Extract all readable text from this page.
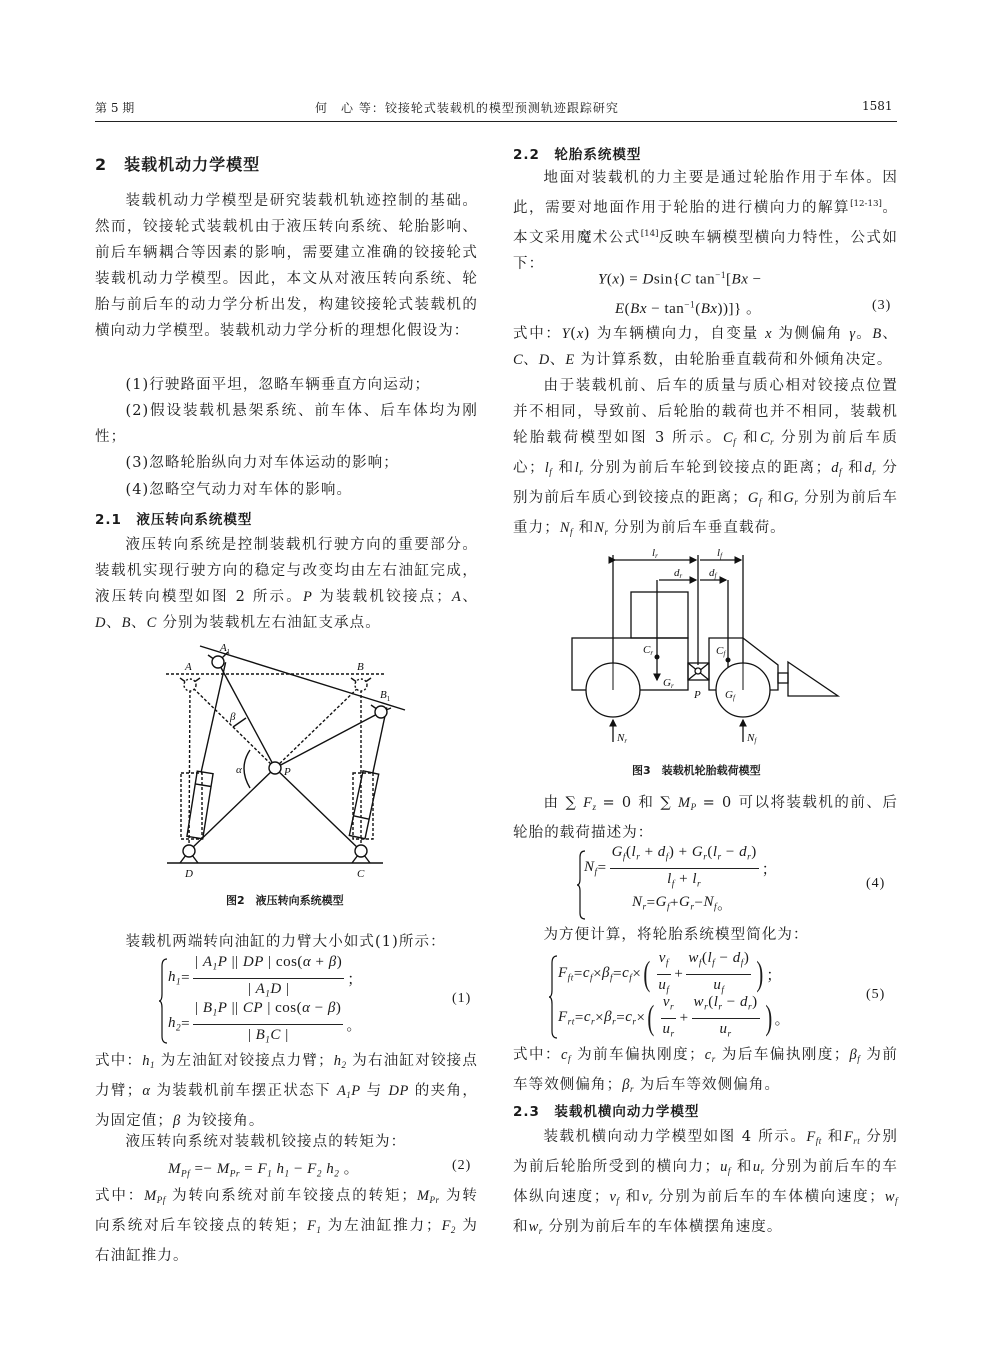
第 5 期	何　心 等：铰接轮式装载机的模型预测轨迹跟踪研究	1581
2　装载机动力学模型
装载机动力学模型是研究装载机轨迹控制的基础。然而，铰接轮式装载机由于液压转向系统、轮胎影响、前后车辆耦合等因素的影响，需要建立准确的铰接轮式装载机动力学模型。因此，本文从对液压转向系统、轮胎与前后车的动力学分析出发，构建铰接轮式装载机的横向动力学模型。装载机动力学分析的理想化假设为：
(1)行驶路面平坦，忽略车辆垂直方向运动；
(2)假设装载机悬架系统、前车体、后车体均为刚性；
(3)忽略轮胎纵向力对车体运动的影响；
(4)忽略空气动力对车体的影响。
2.1　液压转向系统模型
液压转向系统是控制装载机行驶方向的重要部分。装载机实现行驶方向的稳定与改变均由左右油缸完成，液压转向模型如图 2 所示。P 为装载机铰接点；A、D、B、C 分别为装载机左右油缸支承点。
$A_1$
A	B
$B_1$
β
α	P
D	C
图2　液压转向系统模型
装载机两端转向油缸的力臂大小如式(1)所示：
$h_1 = \frac{| A_1P || DP | \cos(\alpha + \beta)}{| A_1D |}$ ；
$h_2 = \frac{| B_1P || CP | \cos(\alpha - \beta)}{| B_1C |}$ 。
(1)
式中：$h_1$ 为左油缸对铰接点力臂；$h_2$ 为右油缸对铰接点力臂；α 为装载机前车摆正状态下 $A_1P$ 与 DP 的夹角，为固定值；β 为铰接角。
液压转向系统对装载机铰接点的转矩为：
$M_{Pf} =- M_{Pr} = F_1$ $h_1 - F_2$ $h_2$ 。	(2)
式中：$M_{Pf}$ 为转向系统对前车铰接点的转矩；$M_{Pr}$ 为转向系统对后车铰接点的转矩；$F_1$ 为左油缸推力；$F_2$ 为右油缸推力。
2.2　轮胎系统模型
地面对装载机的力主要是通过轮胎作用于车体。因此，需要对地面作用于轮胎的进行横向力的解算[12-13]。本文采用魔术公式[14]反映车辆模型横向力特性，公式如下：
Y(x) = Dsin{C $\tan^{-1}[Bx$ −
$E(Bx - \tan^{-1}(Bx))$]} 。	(3)
式中：Y(x) 为车辆横向力，自变量 x 为侧偏角 γ。B、C、D、E 为计算系数，由轮胎垂直载荷和外倾角决定。
由于装载机前、后车的质量与质心相对铰接点位置并不相同，导致前、后轮胎的载荷也并不相同，装载机轮胎载荷模型如图 3 所示。$C_f$ 和$C_r$ 分别为前后车质心；$l_f$ 和$l_r$ 分别为前后车轮到铰接点的距离；$d_f$ 和$d_r$ 分别为前后车质心到铰接点的距离；$G_f$ 和$G_r$ 分别为前后车重力；$N_f$ 和$N_r$ 分别为前后车垂直载荷。
lr	lf
dr df
Cr	Cf
Gr
P Gf
Nr	Nf
图3　装载机轮胎载荷模型
由 ∑ $F_z = 0$ 和 ∑ $M_P = 0$ 可以将装载机的前、后轮胎的载荷描述为：
$N_f = \frac{G_f(l_r + d_f) + G_r(l_r - d_r)}{l_f + l_r}$ ；
$N_r = G_f + G_r - N_f$ 。
(4)
为方便计算，将轮胎系统模型简化为：
$F_{ft} = c_f \times \beta_f = c_f$ × ( $\frac{v_f}{u_f} + \frac{w_f(l_f - d_f)}{u_f}$ ) ；
$F_{rt} = c_r \times \beta_r = c_r$ × ( $\frac{v_r}{u_r} + \frac{w_r(l_r - d_r)}{u_r}$ ) 。
(5)
式中：$c_f$ 为前车偏执刚度；$c_r$ 为后车偏执刚度；$\beta_f$ 为前车等效侧偏角；$\beta_r$ 为后车等效侧偏角。
2.3　装载机横向动力学模型
装载机横向动力学模型如图 4 所示。$F_{ft}$ 和$F_{rt}$ 分别为前后轮胎所受到的横向力；$u_f$ 和$u_r$ 分别为前后车的车体纵向速度；$v_f$ 和$v_r$ 分别为前后车的车体横向速度；$w_f$ 和$w_r$ 分别为前后车的车体横摆角速度。
